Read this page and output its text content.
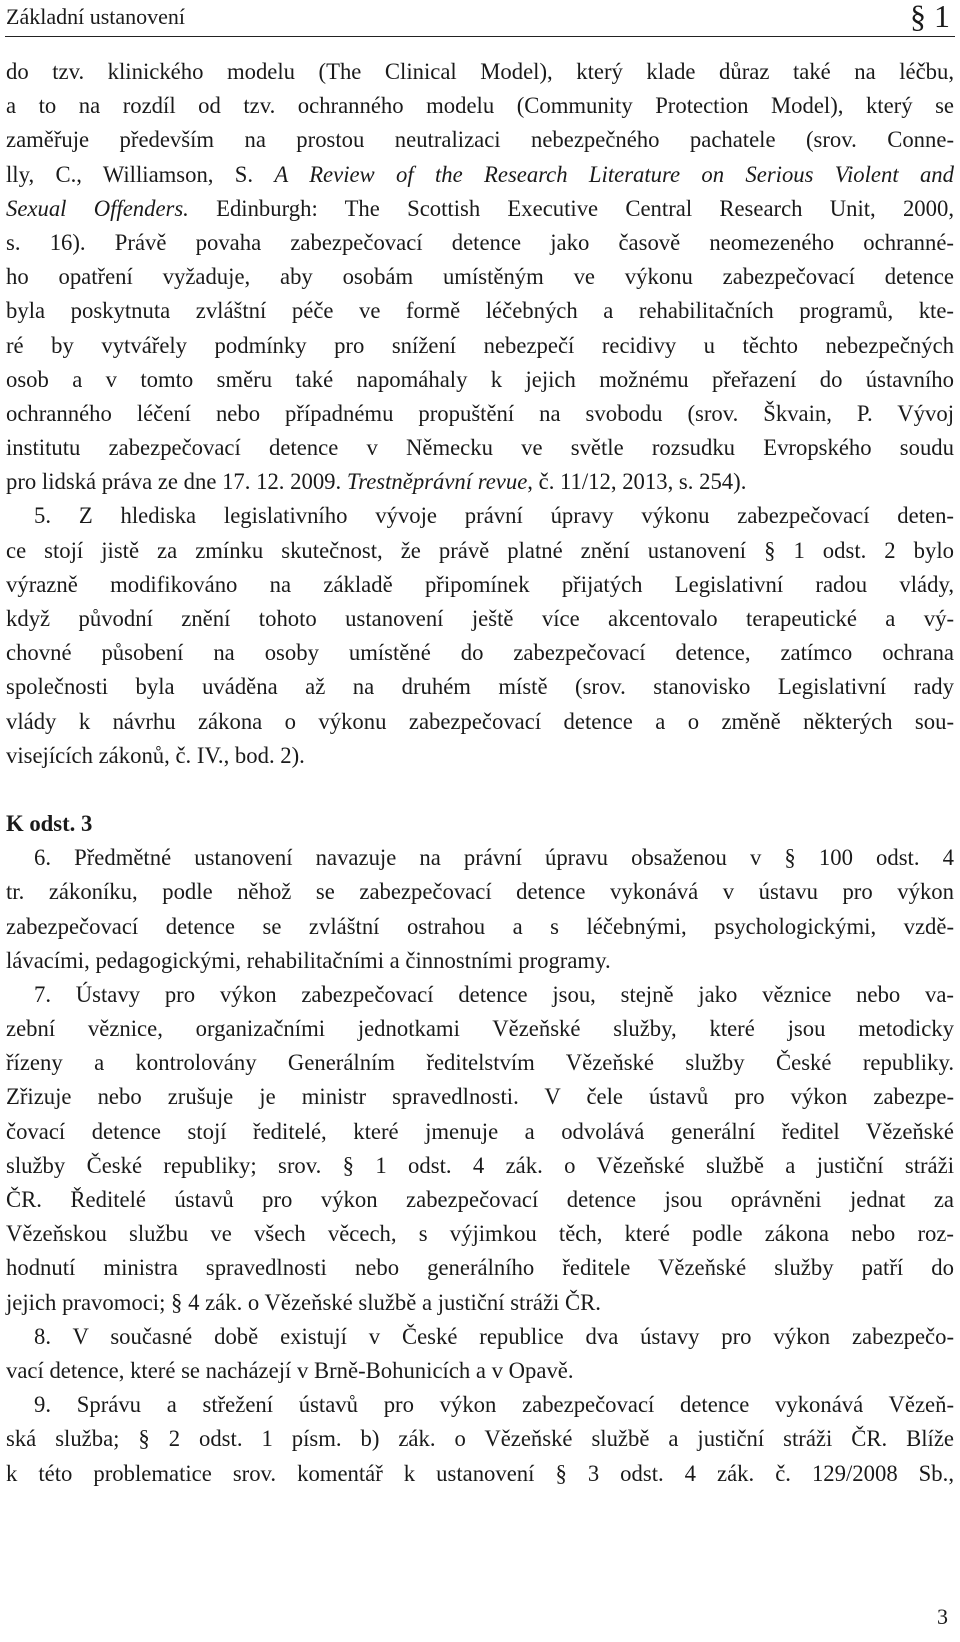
Základní ustanovení	§ 1
do tzv. klinického modelu (The Clinical Model), který klade důraz také na léčbu,
a to na rozdíl od tzv. ochranného modelu (Community Protection Model), který se
zaměřuje především na prostou neutralizaci nebezpečného pachatele (srov. Conne-
lly, C., Williamson, S. A Review of the Research Literature on Serious Violent and
Sexual Offenders. Edinburgh: The Scottish Executive Central Research Unit, 2000,
s. 16). Právě povaha zabezpečovací detence jako časově neomezeného ochranné-
ho opatření vyžaduje, aby osobám umístěným ve výkonu zabezpečovací detence
byla poskytnuta zvláštní péče ve formě léčebných a rehabilitačních programů, kte-
ré by vytvářely podmínky pro snížení nebezpečí recidivy u těchto nebezpečných
osob a v tomto směru také napomáhaly k jejich možnému přeřazení do ústavního
ochranného léčení nebo případnému propuštění na svobodu (srov. Škvain, P. Vývoj
institutu zabezpečovací detence v Německu ve světle rozsudku Evropského soudu
pro lidská práva ze dne 17. 12. 2009. Trestněprávní revue, č. 11/12, 2013, s. 254).
5. Z hlediska legislativního vývoje právní úpravy výkonu zabezpečovací deten-
ce stojí jistě za zmínku skutečnost, že právě platné znění ustanovení § 1 odst. 2 bylo
výrazně modifikováno na základě připomínek přijatých Legislativní radou vlády,
když původní znění tohoto ustanovení ještě více akcentovalo terapeutické a vý-
chovné působení na osoby umístěné do zabezpečovací detence, zatímco ochrana
společnosti byla uváděna až na druhém místě (srov. stanovisko Legislativní rady
vlády k návrhu zákona o výkonu zabezpečovací detence a o změně některých sou-
visejících zákonů, č. IV., bod. 2).
K odst. 3
6. Předmětné ustanovení navazuje na právní úpravu obsaženou v § 100 odst. 4
tr. zákoníku, podle něhož se zabezpečovací detence vykonává v ústavu pro výkon
zabezpečovací detence se zvláštní ostrahou a s léčebnými, psychologickými, vzdě-
lávacími, pedagogickými, rehabilitačními a činnostními programy.
7. Ústavy pro výkon zabezpečovací detence jsou, stejně jako věznice nebo va-
zební věznice, organizačními jednotkami Vězeňské služby, které jsou metodicky
řízeny a kontrolovány Generálním ředitelstvím Vězeňské služby České republiky.
Zřizuje nebo zrušuje je ministr spravedlnosti. V čele ústavů pro výkon zabezpe-
čovací detence stojí ředitelé, které jmenuje a odvolává generální ředitel Vězeňské
služby České republiky; srov. § 1 odst. 4 zák. o Vězeňské službě a justiční stráži
ČR. Ředitelé ústavů pro výkon zabezpečovací detence jsou oprávněni jednat za
Vězeňskou službu ve všech věcech, s výjimkou těch, které podle zákona nebo roz-
hodnutí ministra spravedlnosti nebo generálního ředitele Vězeňské služby patří do
jejich pravomoci; § 4 zák. o Vězeňské službě a justiční stráži ČR.
8. V současné době existují v České republice dva ústavy pro výkon zabezpečo-
vací detence, které se nacházejí v Brně-Bohunicích a v Opavě.
9. Správu a střežení ústavů pro výkon zabezpečovací detence vykonává Vězeň-
ská služba; § 2 odst. 1 písm. b) zák. o Vězeňské službě a justiční stráži ČR. Blíže
k této problematice srov. komentář k ustanovení § 3 odst. 4 zák. č. 129/2008 Sb.,
3
